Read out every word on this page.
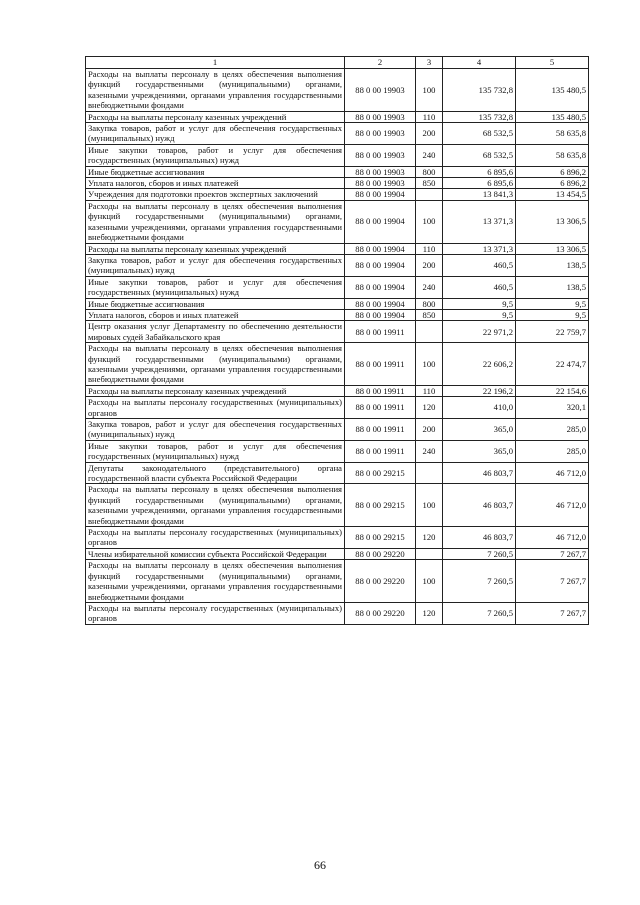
1	2	3	4	5
Расходы на выплаты персоналу в целях обеспечения выполнения функций государственными (муниципальными) органами, казенными учреждениями, органами управления государственными внебюджетными фондами	88 0 00 19903	100	135 732,8	135 480,5
Расходы на выплаты персоналу казенных учреждений	88 0 00 19903	110	135 732,8	135 480,5
Закупка товаров, работ и услуг для обеспечения государственных (муниципальных) нужд	88 0 00 19903	200	68 532,5	58 635,8
Иные закупки товаров, работ и услуг для обеспечения государственных (муниципальных) нужд	88 0 00 19903	240	68 532,5	58 635,8
Иные бюджетные ассигнования	88 0 00 19903	800	6 895,6	6 896,2
Уплата налогов, сборов и иных платежей	88 0 00 19903	850	6 895,6	6 896,2
Учреждения для подготовки проектов экспертных заключений	88 0 00 19904		13 841,3	13 454,5
Расходы на выплаты персоналу в целях обеспечения выполнения функций государственными (муниципальными) органами, казенными учреждениями, органами управления государственными внебюджетными фондами	88 0 00 19904	100	13 371,3	13 306,5
Расходы на выплаты персоналу казенных учреждений	88 0 00 19904	110	13 371,3	13 306,5
Закупка товаров, работ и услуг для обеспечения государственных (муниципальных) нужд	88 0 00 19904	200	460,5	138,5
Иные закупки товаров, работ и услуг для обеспечения государственных (муниципальных) нужд	88 0 00 19904	240	460,5	138,5
Иные бюджетные ассигнования	88 0 00 19904	800	9,5	9,5
Уплата налогов, сборов и иных платежей	88 0 00 19904	850	9,5	9,5
Центр оказания услуг Департаменту по обеспечению деятельности мировых судей Забайкальского края	88 0 00 19911		22 971,2	22 759,7
Расходы на выплаты персоналу в целях обеспечения выполнения функций государственными (муниципальными) органами, казенными учреждениями, органами управления государственными внебюджетными фондами	88 0 00 19911	100	22 606,2	22 474,7
Расходы на выплаты персоналу казенных учреждений	88 0 00 19911	110	22 196,2	22 154,6
Расходы на выплаты персоналу государственных (муниципальных) органов	88 0 00 19911	120	410,0	320,1
Закупка товаров, работ и услуг для обеспечения государственных (муниципальных) нужд	88 0 00 19911	200	365,0	285,0
Иные закупки товаров, работ и услуг для обеспечения государственных (муниципальных) нужд	88 0 00 19911	240	365,0	285,0
Депутаты законодательного (представительного) органа государственной власти субъекта Российской Федерации	88 0 00 29215		46 803,7	46 712,0
Расходы на выплаты персоналу в целях обеспечения выполнения функций государственными (муниципальными) органами, казенными учреждениями, органами управления государственными внебюджетными фондами	88 0 00 29215	100	46 803,7	46 712,0
Расходы на выплаты персоналу государственных (муниципальных) органов	88 0 00 29215	120	46 803,7	46 712,0
Члены избирательной комиссии субъекта Российской Федерации	88 0 00 29220		7 260,5	7 267,7
Расходы на выплаты персоналу в целях обеспечения выполнения функций государственными (муниципальными) органами, казенными учреждениями, органами управления государственными внебюджетными фондами	88 0 00 29220	100	7 260,5	7 267,7
Расходы на выплаты персоналу государственных (муниципальных) органов	88 0 00 29220	120	7 260,5	7 267,7
66
